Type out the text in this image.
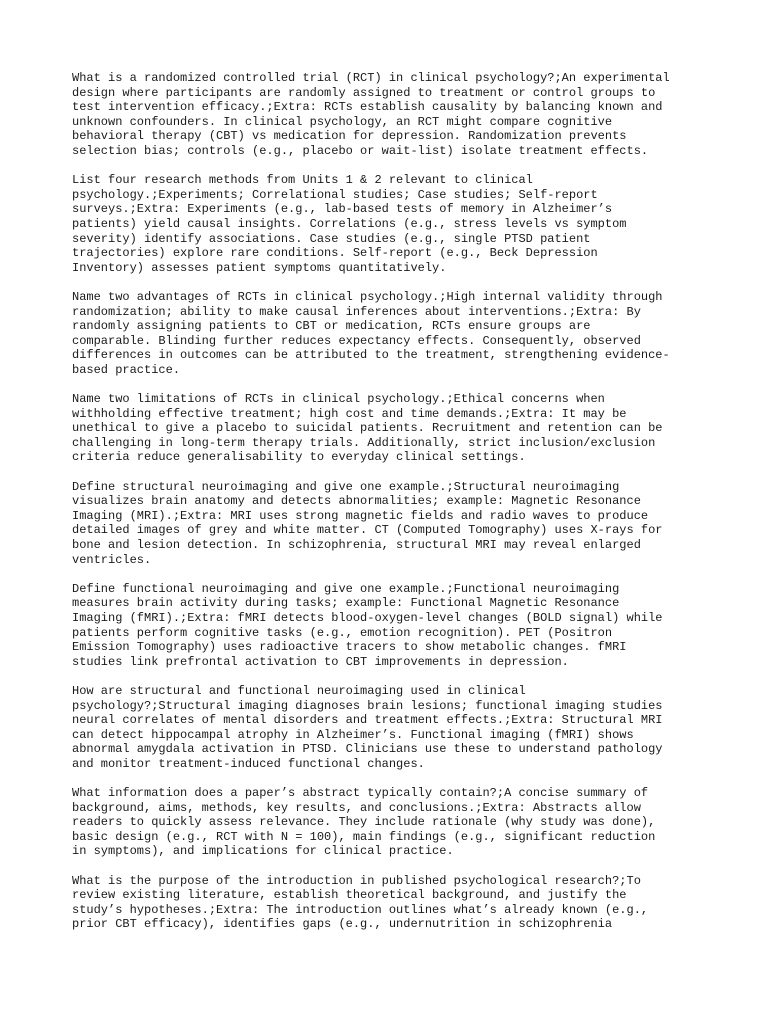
What is a randomized controlled trial (RCT) in clinical psychology?;An experimental
design where participants are randomly assigned to treatment or control groups to
test intervention efficacy.;Extra: RCTs establish causality by balancing known and
unknown confounders. In clinical psychology, an RCT might compare cognitive
behavioral therapy (CBT) vs medication for depression. Randomization prevents
selection bias; controls (e.g., placebo or wait-list) isolate treatment effects.

List four research methods from Units 1 & 2 relevant to clinical
psychology.;Experiments; Correlational studies; Case studies; Self-report
surveys.;Extra: Experiments (e.g., lab-based tests of memory in Alzheimer’s
patients) yield causal insights. Correlations (e.g., stress levels vs symptom
severity) identify associations. Case studies (e.g., single PTSD patient
trajectories) explore rare conditions. Self-report (e.g., Beck Depression
Inventory) assesses patient symptoms quantitatively.

Name two advantages of RCTs in clinical psychology.;High internal validity through
randomization; ability to make causal inferences about interventions.;Extra: By
randomly assigning patients to CBT or medication, RCTs ensure groups are
comparable. Blinding further reduces expectancy effects. Consequently, observed
differences in outcomes can be attributed to the treatment, strengthening evidence-
based practice.

Name two limitations of RCTs in clinical psychology.;Ethical concerns when
withholding effective treatment; high cost and time demands.;Extra: It may be
unethical to give a placebo to suicidal patients. Recruitment and retention can be
challenging in long-term therapy trials. Additionally, strict inclusion/exclusion
criteria reduce generalisability to everyday clinical settings.

Define structural neuroimaging and give one example.;Structural neuroimaging
visualizes brain anatomy and detects abnormalities; example: Magnetic Resonance
Imaging (MRI).;Extra: MRI uses strong magnetic fields and radio waves to produce
detailed images of grey and white matter. CT (Computed Tomography) uses X-rays for
bone and lesion detection. In schizophrenia, structural MRI may reveal enlarged
ventricles.

Define functional neuroimaging and give one example.;Functional neuroimaging
measures brain activity during tasks; example: Functional Magnetic Resonance
Imaging (fMRI).;Extra: fMRI detects blood-oxygen-level changes (BOLD signal) while
patients perform cognitive tasks (e.g., emotion recognition). PET (Positron
Emission Tomography) uses radioactive tracers to show metabolic changes. fMRI
studies link prefrontal activation to CBT improvements in depression.

How are structural and functional neuroimaging used in clinical
psychology?;Structural imaging diagnoses brain lesions; functional imaging studies
neural correlates of mental disorders and treatment effects.;Extra: Structural MRI
can detect hippocampal atrophy in Alzheimer’s. Functional imaging (fMRI) shows
abnormal amygdala activation in PTSD. Clinicians use these to understand pathology
and monitor treatment-induced functional changes.

What information does a paper’s abstract typically contain?;A concise summary of
background, aims, methods, key results, and conclusions.;Extra: Abstracts allow
readers to quickly assess relevance. They include rationale (why study was done),
basic design (e.g., RCT with N = 100), main findings (e.g., significant reduction
in symptoms), and implications for clinical practice.

What is the purpose of the introduction in published psychological research?;To
review existing literature, establish theoretical background, and justify the
study’s hypotheses.;Extra: The introduction outlines what’s already known (e.g.,
prior CBT efficacy), identifies gaps (e.g., undernutrition in schizophrenia
